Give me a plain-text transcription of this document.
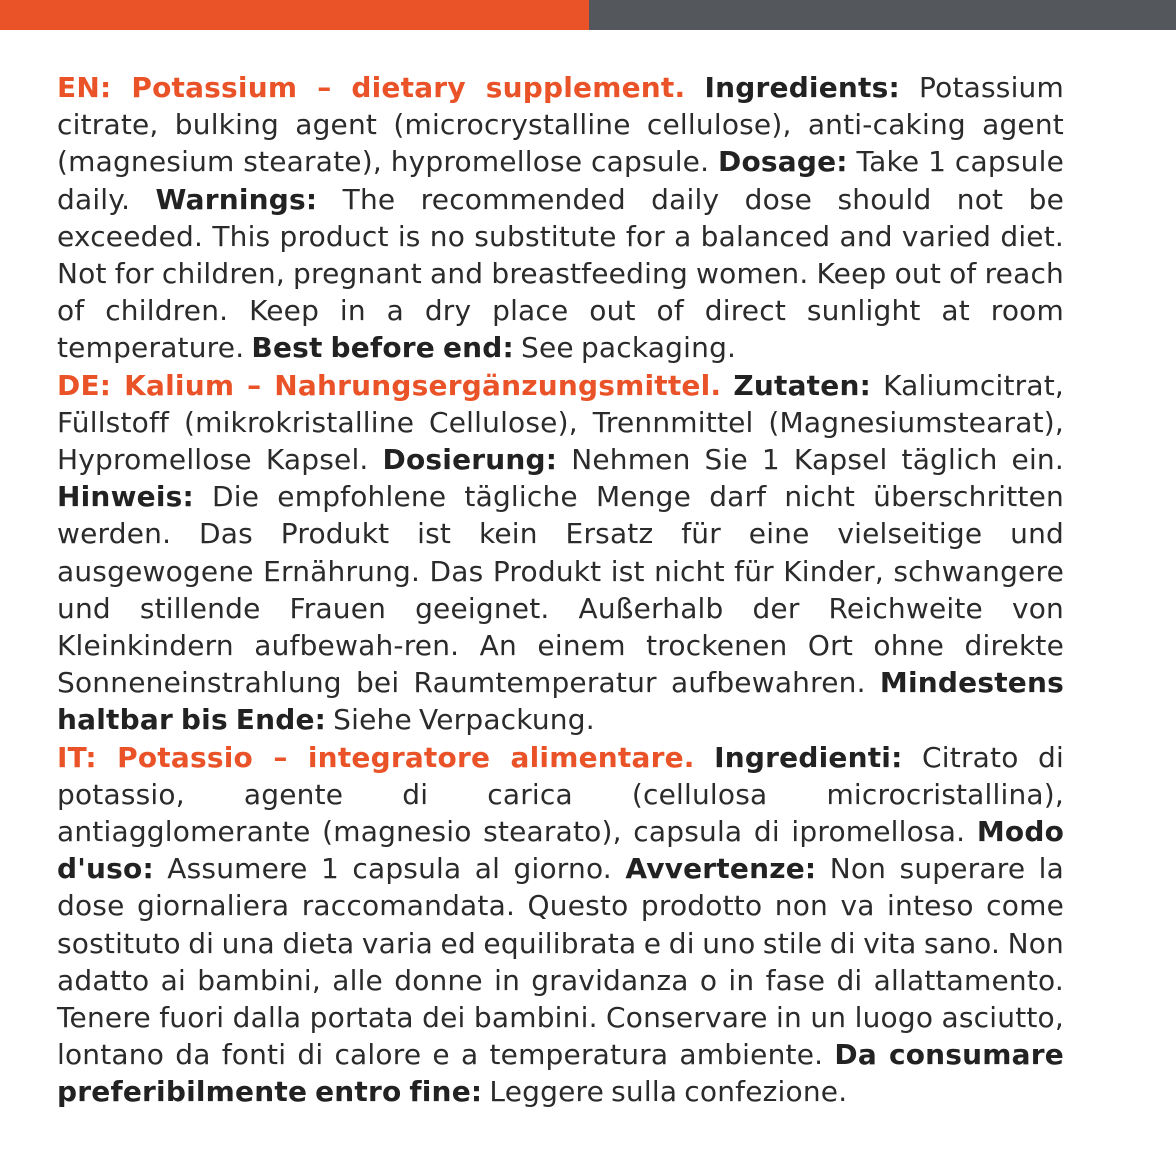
EN: Potassium – dietary supplement. Ingredients: Potassium citrate, bulking agent (microcrystalline cellulose), anti-caking agent (magnesium stearate), hypromellose capsule. Dosage: Take 1 capsule daily. Warnings: The recommended daily dose should not be exceeded. This product is no substitute for a balanced and varied diet. Not for children, pregnant and breastfeeding women. Keep out of reach of children. Keep in a dry place out of direct sunlight at room temperature. Best before end: See packaging.

DE: Kalium – Nahrungsergänzungsmittel. Zutaten: Kaliumcitrat, Füllstoff (mikrokristalline Cellulose), Trennmittel (Magnesiumstearat), Hypromellose Kapsel. Dosierung: Nehmen Sie 1 Kapsel täglich ein. Hinweis: Die empfohlene tägliche Menge darf nicht überschritten werden. Das Produkt ist kein Ersatz für eine vielseitige und ausgewogene Ernährung. Das Produkt ist nicht für Kinder, schwangere und stillende Frauen geeignet. Außerhalb der Reichweite von Kleinkindern aufbewah-ren. An einem trockenen Ort ohne direkte Sonneneinstrahlung bei Raumtemperatur aufbewahren. Mindestens haltbar bis Ende: Siehe Verpackung.

IT: Potassio – integratore alimentare. Ingredienti: Citrato di potassio, agente di carica (cellulosa microcristallina), antiagglomerante (magnesio stearato), capsula di ipromellosa. Modo d'uso: Assumere 1 capsula al giorno. Avvertenze: Non superare la dose giornaliera raccomandata. Questo prodotto non va inteso come sostituto di una dieta varia ed equilibrata e di uno stile di vita sano. Non adatto ai bambini, alle donne in gravidanza o in fase di allattamento. Tenere fuori dalla portata dei bambini. Conservare in un luogo asciutto, lontano da fonti di calore e a temperatura ambiente. Da consumare preferibilmente entro fine: Leggere sulla confezione.
